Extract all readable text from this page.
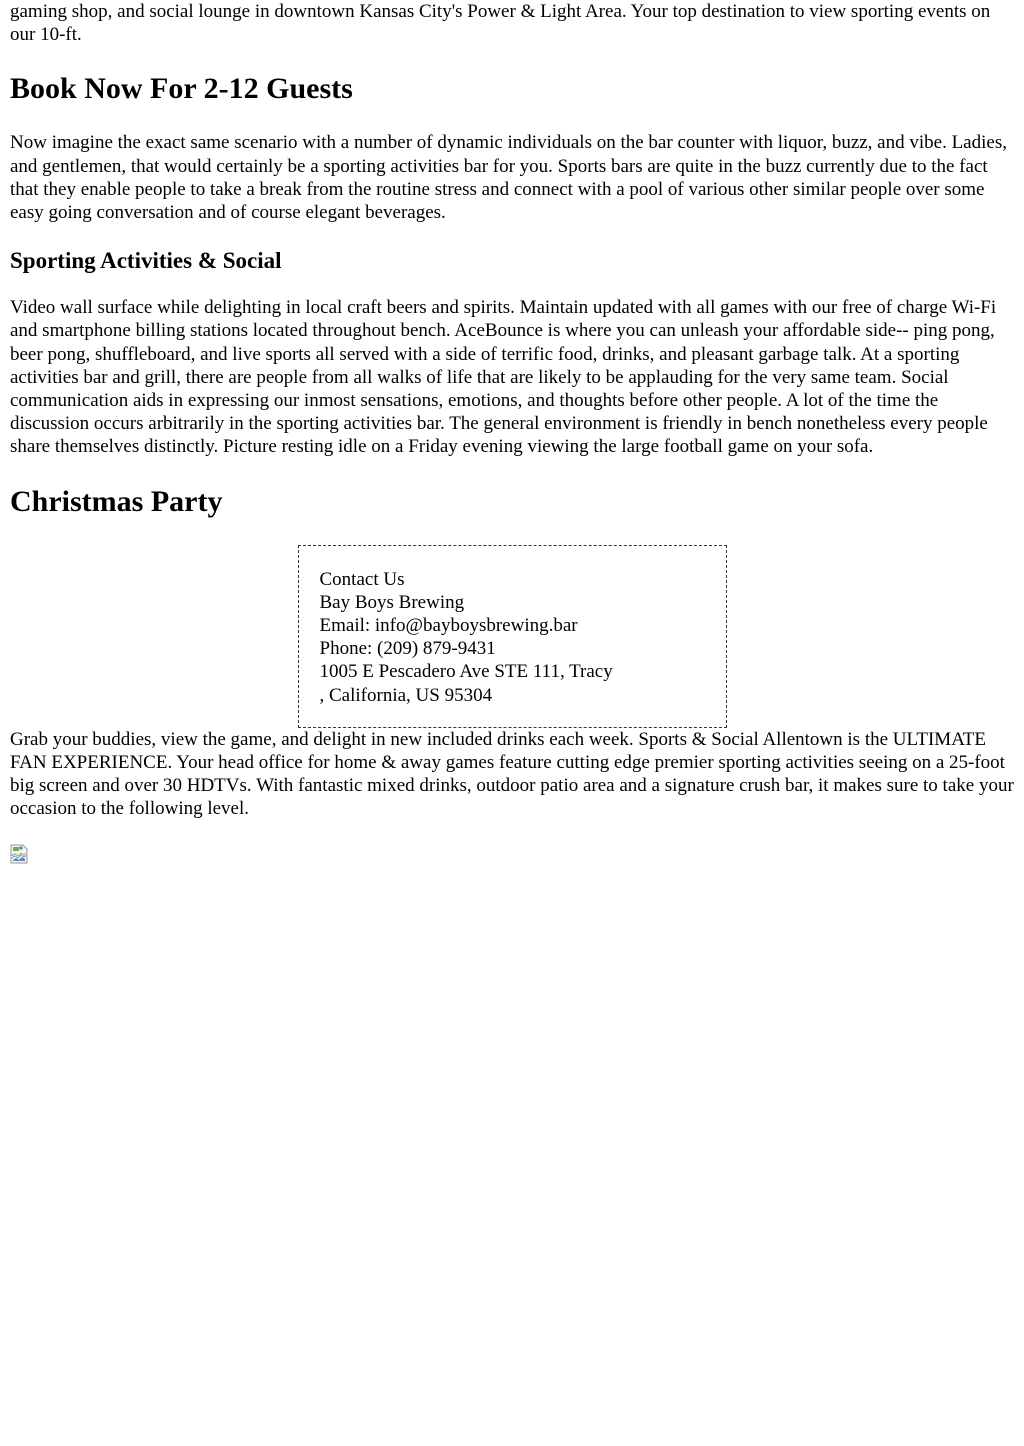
gaming shop, and social lounge in downtown Kansas City's Power & Light Area. Your top destination to view sporting events on our 10-ft.

Book Now For 2-12 Guests

Now imagine the exact same scenario with a number of dynamic individuals on the bar counter with liquor, buzz, and vibe. Ladies, and gentlemen, that would certainly be a sporting activities bar for you. Sports bars are quite in the buzz currently due to the fact that they enable people to take a break from the routine stress and connect with a pool of various other similar people over some easy going conversation and of course elegant beverages.

Sporting Activities & Social

Video wall surface while delighting in local craft beers and spirits. Maintain updated with all games with our free of charge Wi-Fi and smartphone billing stations located throughout bench. AceBounce is where you can unleash your affordable side-- ping pong, beer pong, shuffleboard, and live sports all served with a side of terrific food, drinks, and pleasant garbage talk. At a sporting activities bar and grill, there are people from all walks of life that are likely to be applauding for the very same team. Social communication aids in expressing our inmost sensations, emotions, and thoughts before other people. A lot of the time the discussion occurs arbitrarily in the sporting activities bar. The general environment is friendly in bench nonetheless every people share themselves distinctly. Picture resting idle on a Friday evening viewing the large football game on your sofa.

Christmas Party
Contact Us
Bay Boys Brewing
Email: info@bayboysbrewing.bar
Phone: (209) 879-9431
1005 E Pescadero Ave STE 111, Tracy
, California, US 95304

Grab your buddies, view the game, and delight in new included drinks each week. Sports & Social Allentown is the ULTIMATE FAN EXPERIENCE. Your head office for home & away games feature cutting edge premier sporting activities seeing on a 25-foot big screen and over 30 HDTVs. With fantastic mixed drinks, outdoor patio area and a signature crush bar, it makes sure to take your occasion to the following level.
